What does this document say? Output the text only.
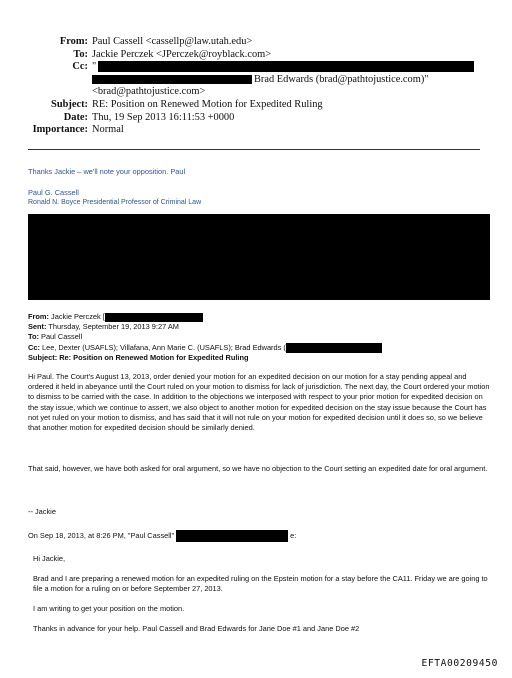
From: Paul Cassell <cassellp@law.utah.edu>
To: Jackie Perczek <JPerczek@royblack.com>
Cc: "
Brad Edwards (brad@pathtojustice.com)"
<brad@pathtojustice.com>
Subject: RE: Position on Renewed Motion for Expedited Ruling
Date: Thu, 19 Sep 2013 16:11:53 +0000
Importance: Normal
Thanks Jackie – we'll note your opposition. Paul
Paul G. Cassell
Ronald N. Boyce Presidential Professor of Criminal Law
From: Jackie Perczek [
Sent: Thursday, September 19, 2013 9:27 AM
To: Paul Cassell
Cc: Lee, Dexter (USAFLS); Villafana, Ann Marie C. (USAFLS); Brad Edwards (
Subject: Re: Position on Renewed Motion for Expedited Ruling

Hi Paul. The Court's August 13, 2013, order denied your motion for an expedited decision on our motion for a stay pending appeal and ordered it held in abeyance until the Court ruled on your motion to dismiss for lack of jurisdiction. The next day, the Court ordered your motion to dismiss to be carried with the case. In addition to the objections we interposed with respect to your prior motion for expedited decision on the stay issue, which we continue to assert, we also object to another motion for expedited decision on the stay issue because the Court has not yet ruled on your motion to dismiss, and has said that it will not rule on your motion for expedited decision until it does so, so we believe that another motion for expedited decision should be similarly denied.

That said, however, we have both asked for oral argument, so we have no objection to the Court setting an expedited date for oral argument.

-- Jackie

On Sep 18, 2013, at 8:26 PM, "Paul Cassell"	e:

Hi Jackie,

Brad and I are preparing a renewed motion for an expedited ruling on the Epstein motion for a stay before the CA11. Friday we are going to file a motion for a ruling on or before September 27, 2013.

I am writing to get your position on the motion.

Thanks in advance for your help. Paul Cassell and Brad Edwards for Jane Doe #1 and Jane Doe #2

EFTA00209450
